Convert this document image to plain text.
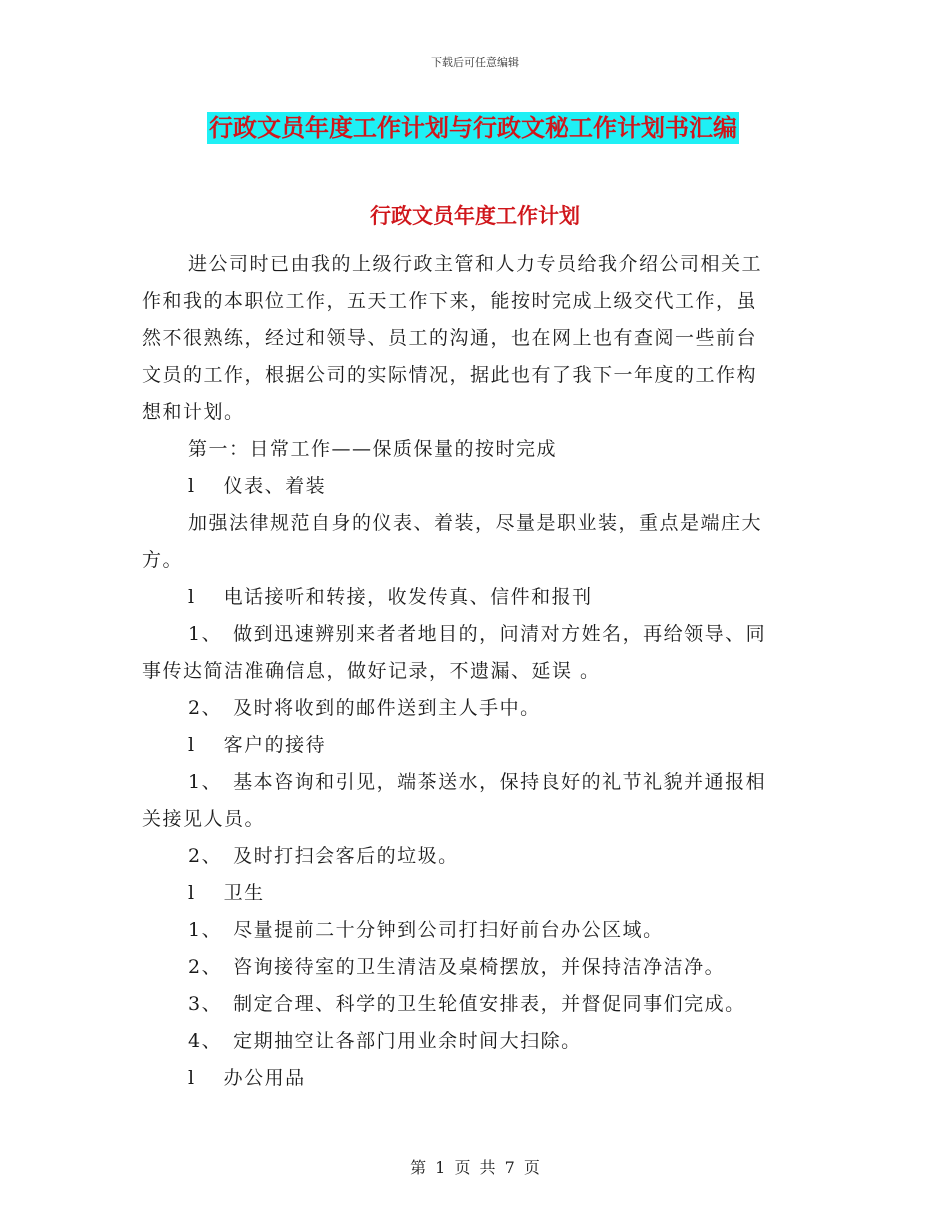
下载后可任意编辑
行政文员年度工作计划与行政文秘工作计划书汇编
行政文员年度工作计划
进公司时已由我的上级行政主管和人力专员给我介绍公司相关工
作和我的本职位工作，五天工作下来，能按时完成上级交代工作，虽
然不很熟练，经过和领导、员工的沟通，也在网上也有查阅一些前台
文员的工作，根据公司的实际情况，据此也有了我下一年度的工作构
想和计划。
第一：日常工作——保质保量的按时完成
l　 仪表、着装
加强法律规范自身的仪表、着装，尽量是职业装，重点是端庄大
方。
l　 电话接听和转接，收发传真、信件和报刊
1、　做到迅速辨别来者者地目的，问清对方姓名，再给领导、同
事传达简洁准确信息，做好记录，不遗漏、延误 。
2、　及时将收到的邮件送到主人手中。
l　 客户的接待
1、　基本咨询和引见，端茶送水，保持良好的礼节礼貌并通报相
关接见人员。
2、　及时打扫会客后的垃圾。
l　 卫生
1、　尽量提前二十分钟到公司打扫好前台办公区域。
2、　咨询接待室的卫生清洁及桌椅摆放，并保持洁净洁净。
3、　制定合理、科学的卫生轮值安排表，并督促同事们完成。
4、　定期抽空让各部门用业余时间大扫除。
l　 办公用品
第 1 页 共 7 页
